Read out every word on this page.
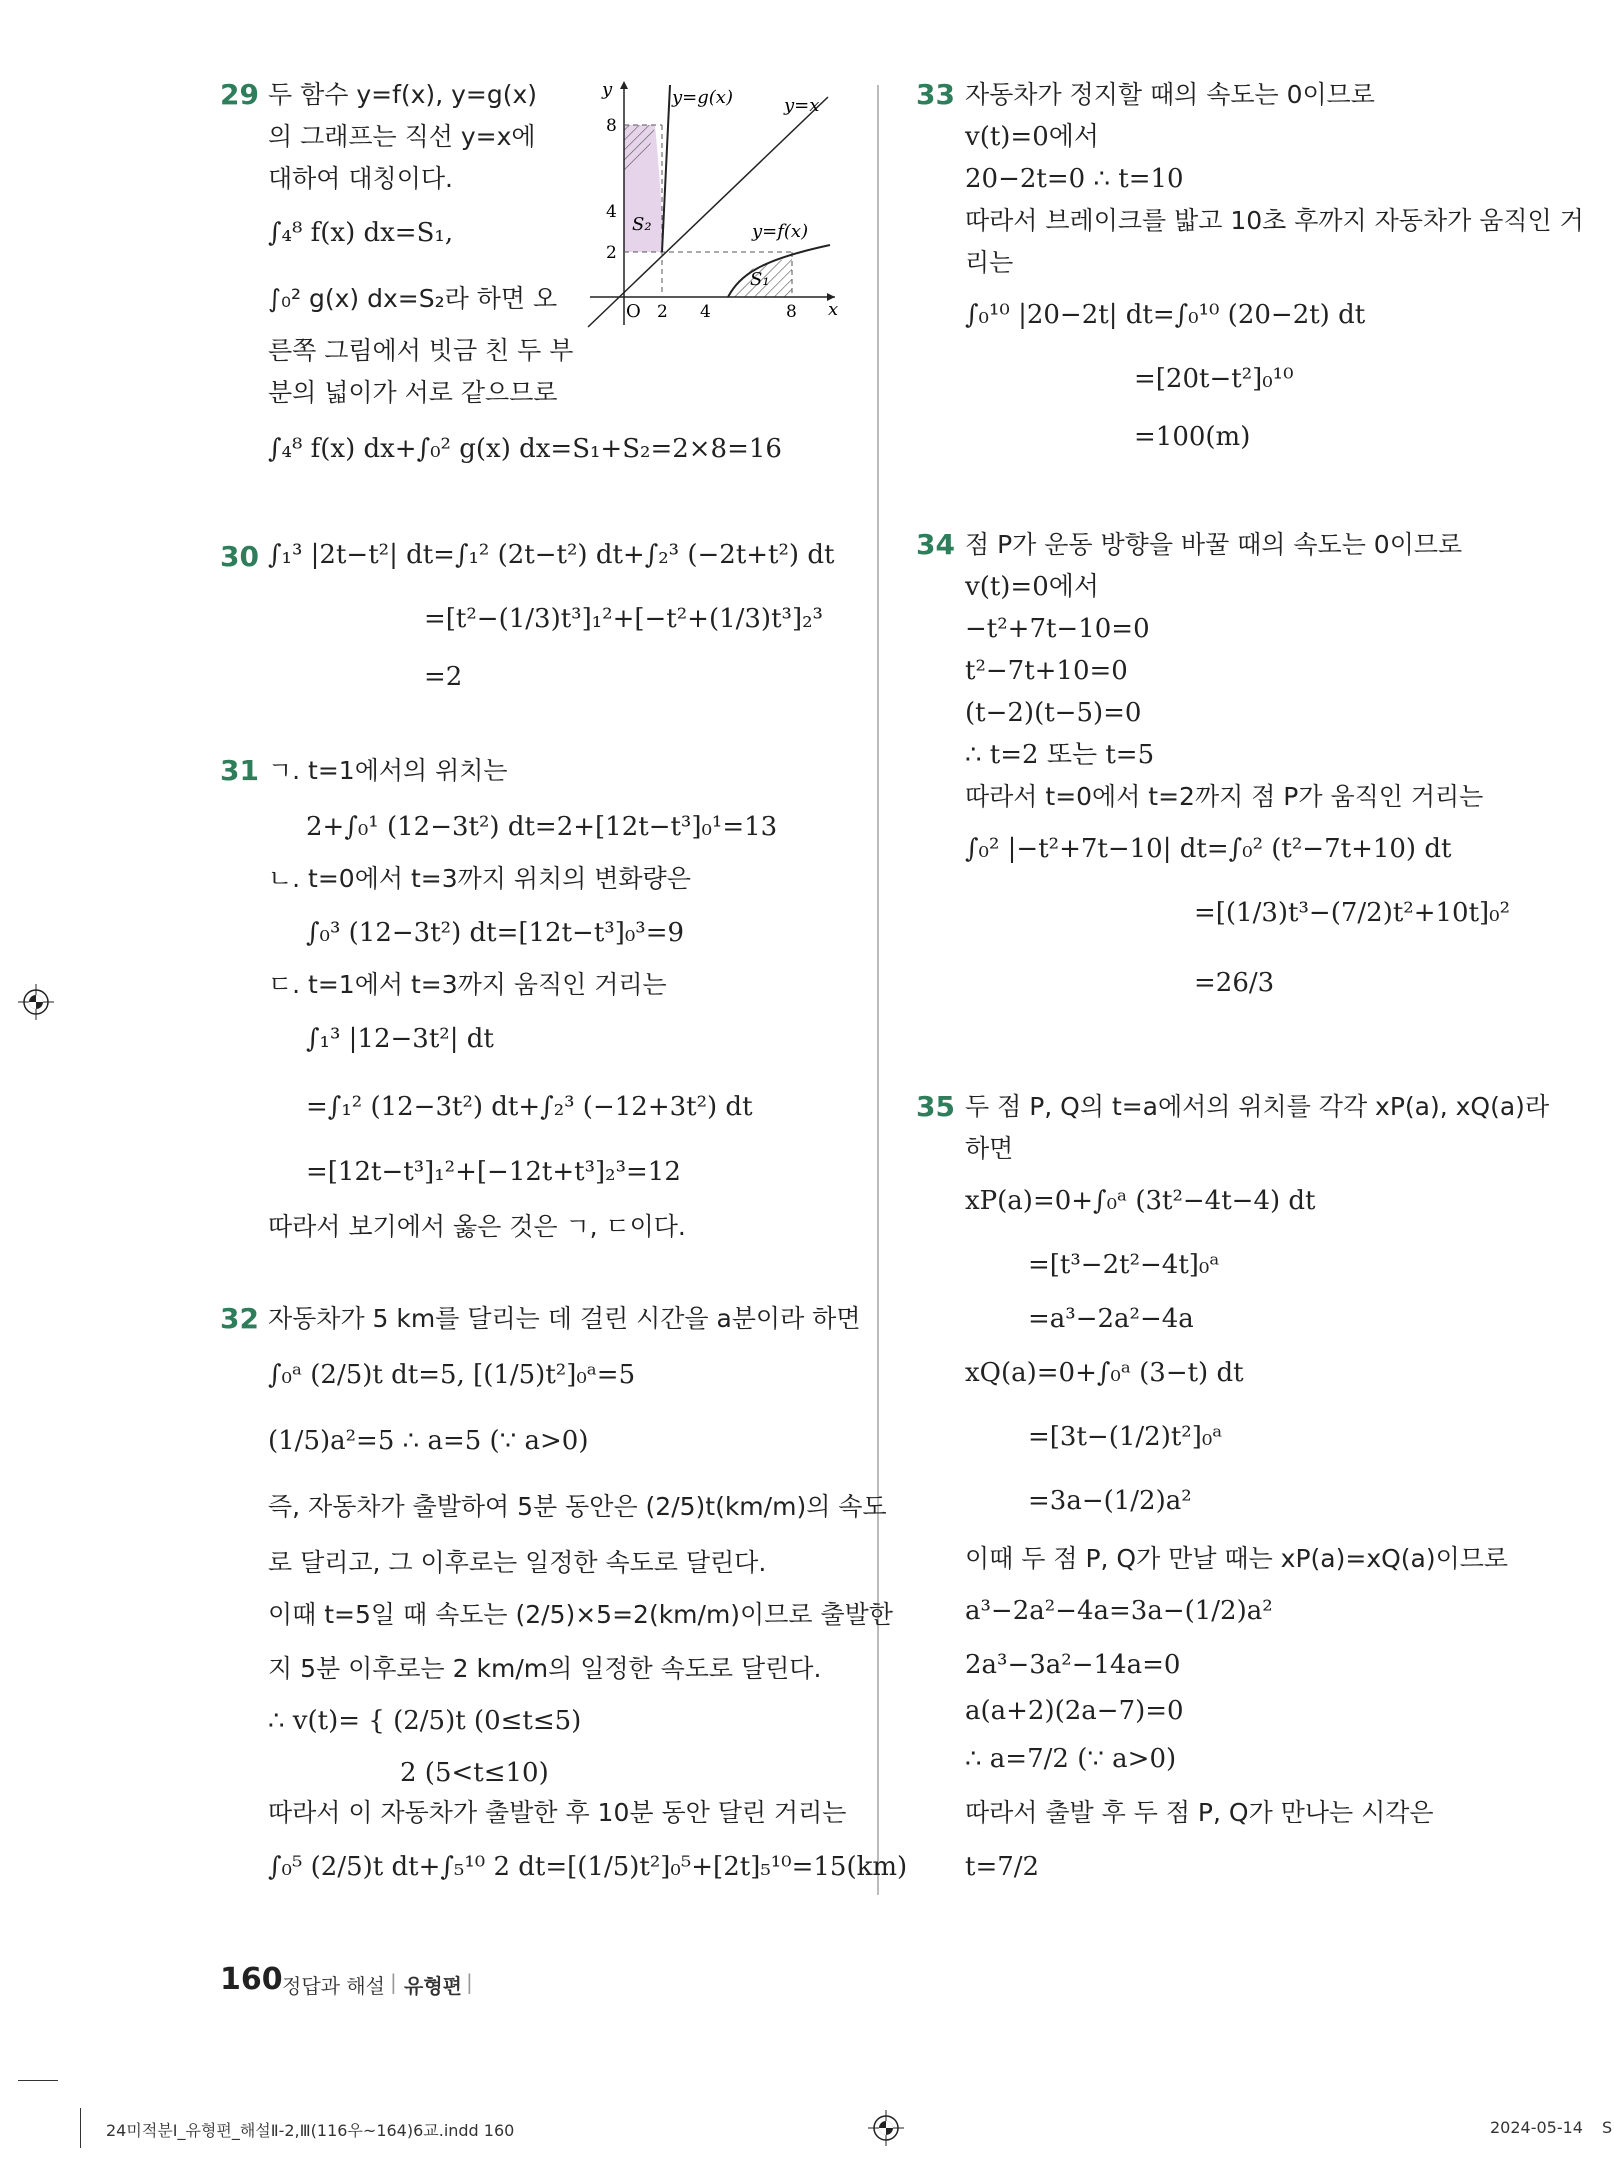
29 두 함수 y=f(x), y=g(x)
의 그래프는 직선 y=x에
대하여 대칭이다.
∫₄⁸ f(x) dx=S₁,
∫₀² g(x) dx=S₂라 하면 오
른쪽 그림에서 빗금 친 두 부
분의 넓이가 서로 같으므로
∫₄⁸ f(x) dx+∫₀² g(x) dx=S₁+S₂=2×8=16
y
x
O
y=g(x)	y=x
y=f(x)
S₂
S₁
8
4
2
2 4	8
30 ∫₁³ |2t−t²| dt=∫₁² (2t−t²) dt+∫₂³ (−2t+t²) dt
=[t²−(1/3)t³]₁²+[−t²+(1/3)t³]₂³
=2
31 ㄱ. t=1에서의 위치는
2+∫₀¹ (12−3t²) dt=2+[12t−t³]₀¹=13
ㄴ. t=0에서 t=3까지 위치의 변화량은
∫₀³ (12−3t²) dt=[12t−t³]₀³=9
ㄷ. t=1에서 t=3까지 움직인 거리는
∫₁³ |12−3t²| dt
=∫₁² (12−3t²) dt+∫₂³ (−12+3t²) dt
=[12t−t³]₁²+[−12t+t³]₂³=12
따라서 보기에서 옳은 것은 ㄱ, ㄷ이다.
32 자동차가 5 km를 달리는 데 걸린 시간을 a분이라 하면
∫₀ᵃ (2/5)t dt=5, [(1/5)t²]₀ᵃ=5
(1/5)a²=5 ∴ a=5 (∵ a>0)
즉, 자동차가 출발하여 5분 동안은 (2/5)t(km/m)의 속도
로 달리고, 그 이후로는 일정한 속도로 달린다.
이때 t=5일 때 속도는 (2/5)×5=2(km/m)이므로 출발한
지 5분 이후로는 2 km/m의 일정한 속도로 달린다.
∴ v(t)= { (2/5)t (0≤t≤5)
2 (5<t≤10)
따라서 이 자동차가 출발한 후 10분 동안 달린 거리는
∫₀⁵ (2/5)t dt+∫₅¹⁰ 2 dt=[(1/5)t²]₀⁵+[2t]₅¹⁰=15(km)
33 자동차가 정지할 때의 속도는 0이므로
v(t)=0에서
20−2t=0 ∴ t=10
따라서 브레이크를 밟고 10초 후까지 자동차가 움직인 거
리는
∫₀¹⁰ |20−2t| dt=∫₀¹⁰ (20−2t) dt
=[20t−t²]₀¹⁰
=100(m)
34 점 P가 운동 방향을 바꿀 때의 속도는 0이므로
v(t)=0에서
−t²+7t−10=0
t²−7t+10=0
(t−2)(t−5)=0
∴ t=2 또는 t=5
따라서 t=0에서 t=2까지 점 P가 움직인 거리는
∫₀² |−t²+7t−10| dt=∫₀² (t²−7t+10) dt
=[(1/3)t³−(7/2)t²+10t]₀²
=26/3
35 두 점 P, Q의 t=a에서의 위치를 각각 xP(a), xQ(a)라
하면
xP(a)=0+∫₀ᵃ (3t²−4t−4) dt
=[t³−2t²−4t]₀ᵃ
=a³−2a²−4a
xQ(a)=0+∫₀ᵃ (3−t) dt
=[3t−(1/2)t²]₀ᵃ
=3a−(1/2)a²
이때 두 점 P, Q가 만날 때는 xP(a)=xQ(a)이므로
a³−2a²−4a=3a−(1/2)a²
2a³−3a²−14a=0
a(a+2)(2a−7)=0
∴ a=7/2 (∵ a>0)
따라서 출발 후 두 점 P, Q가 만나는 시각은
t=7/2
160 정답과 해설 | 유형편 |
24미적분Ⅰ_유형편_해설Ⅱ-2,Ⅲ(116우~164)6교.indd 160	2024-05-14 S
